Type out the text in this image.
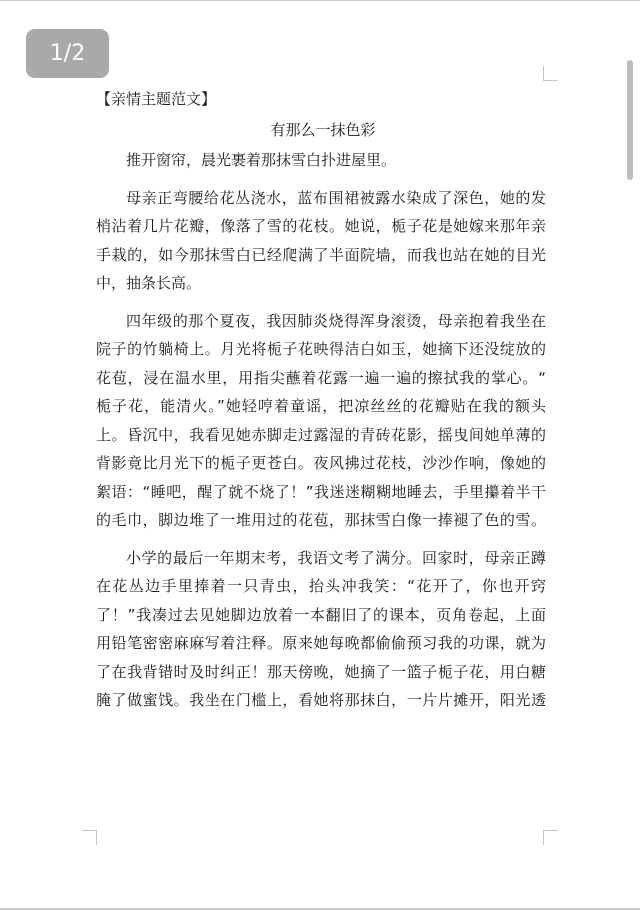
1/2

【亲情主题范文】

有那么一抹色彩

推开窗帘，晨光裹着那抹雪白扑进屋里。
母亲正弯腰给花丛浇水，蓝布围裙被露水染成了深色，她的发
梢沾着几片花瓣，像落了雪的花枝。她说，栀子花是她嫁来那年亲
手栽的，如今那抹雪白已经爬满了半面院墙，而我也站在她的目光
中，抽条长高。
四年级的那个夏夜，我因肺炎烧得浑身滚烫，母亲抱着我坐在
院子的竹躺椅上。月光将栀子花映得洁白如玉，她摘下还没绽放的
花苞，浸在温水里，用指尖蘸着花露一遍一遍的擦拭我的掌心。“
栀子花，能清火。”她轻哼着童谣，把凉丝丝的花瓣贴在我的额头
上。昏沉中，我看见她赤脚走过露湿的青砖花影，摇曳间她单薄的
背影竟比月光下的栀子更苍白。夜风拂过花枝，沙沙作响，像她的
絮语：“睡吧，醒了就不烧了！”我迷迷糊糊地睡去，手里攥着半干
的毛巾，脚边堆了一堆用过的花苞，那抹雪白像一捧褪了色的雪。
小学的最后一年期末考，我语文考了满分。回家时，母亲正蹲
在花丛边手里捧着一只青虫，抬头冲我笑：“花开了，你也开窍
了！”我凑过去见她脚边放着一本翻旧了的课本，页角卷起，上面
用铅笔密密麻麻写着注释。原来她每晚都偷偷预习我的功课，就为
了在我背错时及时纠正！那天傍晚，她摘了一篮子栀子花，用白糖
腌了做蜜饯。我坐在门槛上，看她将那抹白，一片片摊开，阳光透
